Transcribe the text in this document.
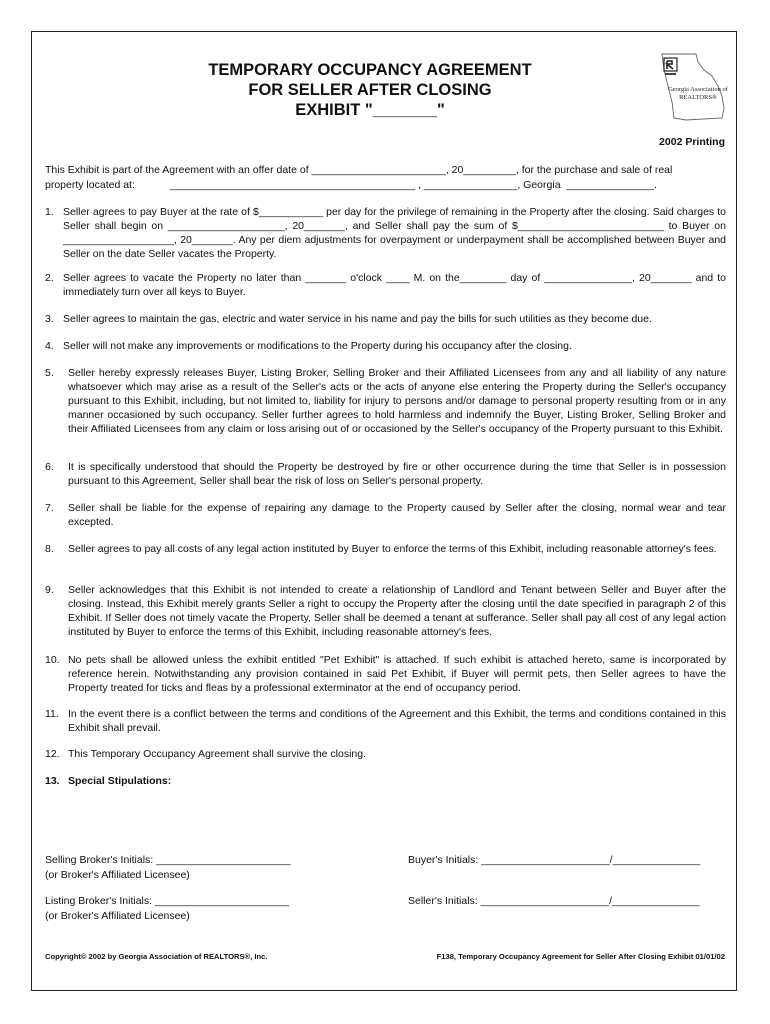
TEMPORARY OCCUPANCY AGREEMENT
FOR SELLER AFTER CLOSING
EXHIBIT "_______"
Georgia Association of REALTORS®
2002 Printing
This Exhibit is part of the Agreement with an offer date of _______________________, 20_________, for the purchase and sale of real
property located at:            __________________________________________ , ________________, Georgia  _______________.
1. Seller agrees to pay Buyer at the rate of $___________ per day for the privilege of remaining in the Property after the closing. Said charges to Seller shall begin on ____________________, 20_______, and Seller shall pay the sum of $_________________________ to Buyer on ___________________, 20_______. Any per diem adjustments for overpayment or underpayment shall be accomplished between Buyer and Seller on the date Seller vacates the Property.
2. Seller agrees to vacate the Property no later than _______ o'clock ____ M. on the________ day of _______________, 20_______ and to immediately turn over all keys to Buyer.
3. Seller agrees to maintain the gas, electric and water service in his name and pay the bills for such utilities as they become due.
4. Seller will not make any improvements or modifications to the Property during his occupancy after the closing.
5. Seller hereby expressly releases Buyer, Listing Broker, Selling Broker and their Affiliated Licensees from any and all liability of any nature whatsoever which may arise as a result of the Seller's acts or the acts of anyone else entering the Property during the Seller's occupancy pursuant to this Exhibit, including, but not limited to, liability for injury to persons and/or damage to personal property resulting from or in any manner occasioned by such occupancy. Seller further agrees to hold harmless and indemnify the Buyer, Listing Broker, Selling Broker and their Affiliated Licensees from any claim or loss arising out of or occasioned by the Seller's occupancy of the Property pursuant to this Exhibit.
6. It is specifically understood that should the Property be destroyed by fire or other occurrence during the time that Seller is in possession pursuant to this Agreement, Seller shall bear the risk of loss on Seller's personal property.
7. Seller shall be liable for the expense of repairing any damage to the Property caused by Seller after the closing, normal wear and tear excepted.
8. Seller agrees to pay all costs of any legal action instituted by Buyer to enforce the terms of this Exhibit, including reasonable attorney's fees.
9. Seller acknowledges that this Exhibit is not intended to create a relationship of Landlord and Tenant between Seller and Buyer after the closing. Instead, this Exhibit merely grants Seller a right to occupy the Property after the closing until the date specified in paragraph 2 of this Exhibit. If Seller does not timely vacate the Property, Seller shall be deemed a tenant at sufferance. Seller shall pay all cost of any legal action instituted by Buyer to enforce the terms of this Exhibit, including reasonable attorney's fees.
10. No pets shall be allowed unless the exhibit entitled "Pet Exhibit" is attached. If such exhibit is attached hereto, same is incorporated by reference herein. Notwithstanding any provision contained in said Pet Exhibit, if Buyer will permit pets, then Seller agrees to have the Property treated for ticks and fleas by a professional exterminator at the end of occupancy period.
11. In the event there is a conflict between the terms and conditions of the Agreement and this Exhibit, the terms and conditions contained in this Exhibit shall prevail.
12. This Temporary Occupancy Agreement shall survive the closing.
13. Special Stipulations:
Selling Broker's Initials: _______________________
(or Broker's Affiliated Licensee)
Buyer's Initials: ______________________/_______________
Listing Broker's Initials: _______________________
(or Broker's Affiliated Licensee)
Seller's Initials: ______________________/_______________
Copyright© 2002 by Georgia Association of REALTORS®, Inc.	F138, Temporary Occupancy Agreement for Seller After Closing Exhibit 01/01/02
